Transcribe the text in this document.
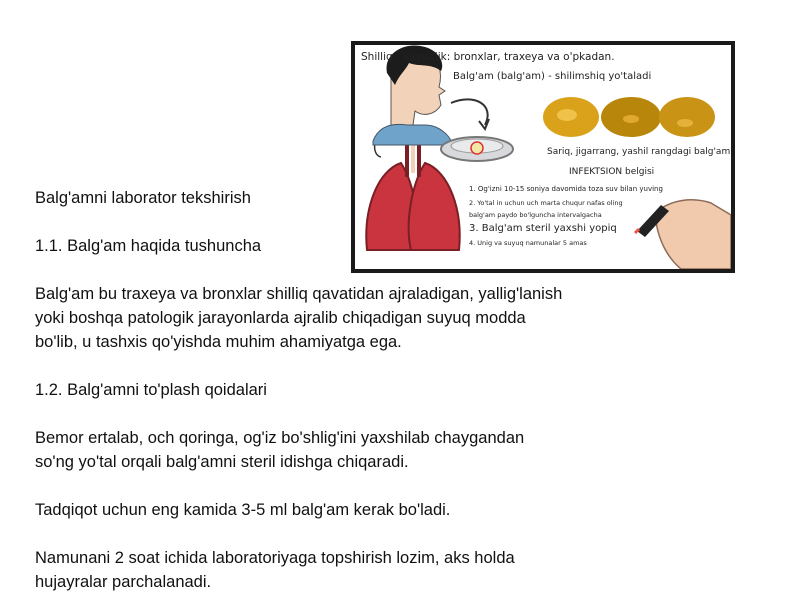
Balg'amni laborator tekshirish
1.1. Balg'am haqida tushuncha
Balg'am bu traxeya va bronxlar shilliq qavatidan ajraladigan, yallig'lanish
yoki boshqa patologik jarayonlarda ajralib chiqadigan suyuq modda
bo'lib, u tashxis qo'yishda muhim ahamiyatga ega.
1.2. Balg'amni to'plash qoidalari
Bemor ertalab, och qoringa, og'iz bo'shlig'ini yaxshilab chaygandan
so'ng yo'tal orqali balg'amni steril idishga chiqaradi.
Tadqiqot uchun eng kamida 3-5 ml balg'am kerak bo'ladi.
Namunani 2 soat ichida laboratoriyaga topshirish lozim, aks holda
hujayralar parchalanadi.
Shilliq - suyuqlik: bronxlar, traxeya va o'pkadan.
Balg'am (balg'am) - shilimshiq yo'taladi
Sariq, jigarrang, yashil rangdagi balg'am
INFEKTSION belgisi
1. Og'izni 10-15 soniya davomida toza suv bilan yuving
2. Yo'tal in uchun uch marta chuqur nafas oling
balg'am paydo bo'lguncha intervalgacha
3. Balg'am steril yaxshi yopiq
4. Unig va suyuq namunalar 5 amas
